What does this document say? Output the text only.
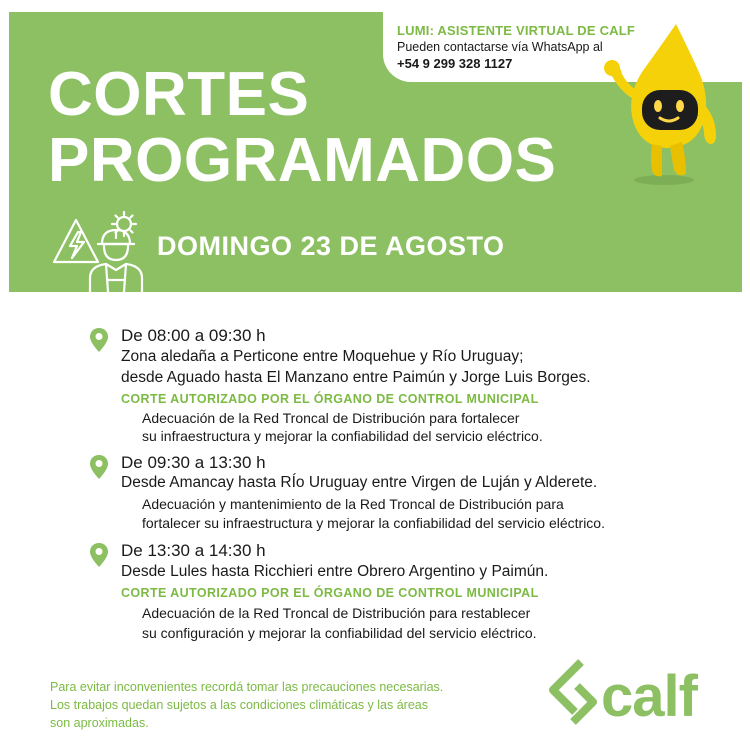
LUMI: ASISTENTE VIRTUAL DE CALF
Pueden contactarse vía WhatsApp al
+54 9 299 328 1127
CORTES
PROGRAMADOS
DOMINGO 23 DE AGOSTO
De 08:00 a 09:30 h
Zona aledaña a Perticone entre Moquehue y Río Uruguay;
desde Aguado hasta El Manzano entre Paimún y Jorge Luis Borges.
CORTE AUTORIZADO POR EL ÓRGANO DE CONTROL MUNICIPAL
Adecuación de la Red Troncal de Distribución para fortalecer
su infraestructura y mejorar la confiabilidad del servicio eléctrico.
De 09:30 a 13:30 h
Desde Amancay hasta RÍo Uruguay entre Virgen de Luján y Alderete.
Adecuación y mantenimiento de la Red Troncal de Distribución para
fortalecer su infraestructura y mejorar la confiabilidad del servicio eléctrico.
De 13:30 a 14:30 h
Desde Lules hasta Ricchieri entre Obrero Argentino y Paimún.
CORTE AUTORIZADO POR EL ÓRGANO DE CONTROL MUNICIPAL
Adecuación de la Red Troncal de Distribución para restablecer
su configuración y mejorar la confiabilidad del servicio eléctrico.
Para evitar inconvenientes recordá tomar las precauciones necesarias.
Los trabajos quedan sujetos a las condiciones climáticas y las áreas
son aproximadas.	calf
